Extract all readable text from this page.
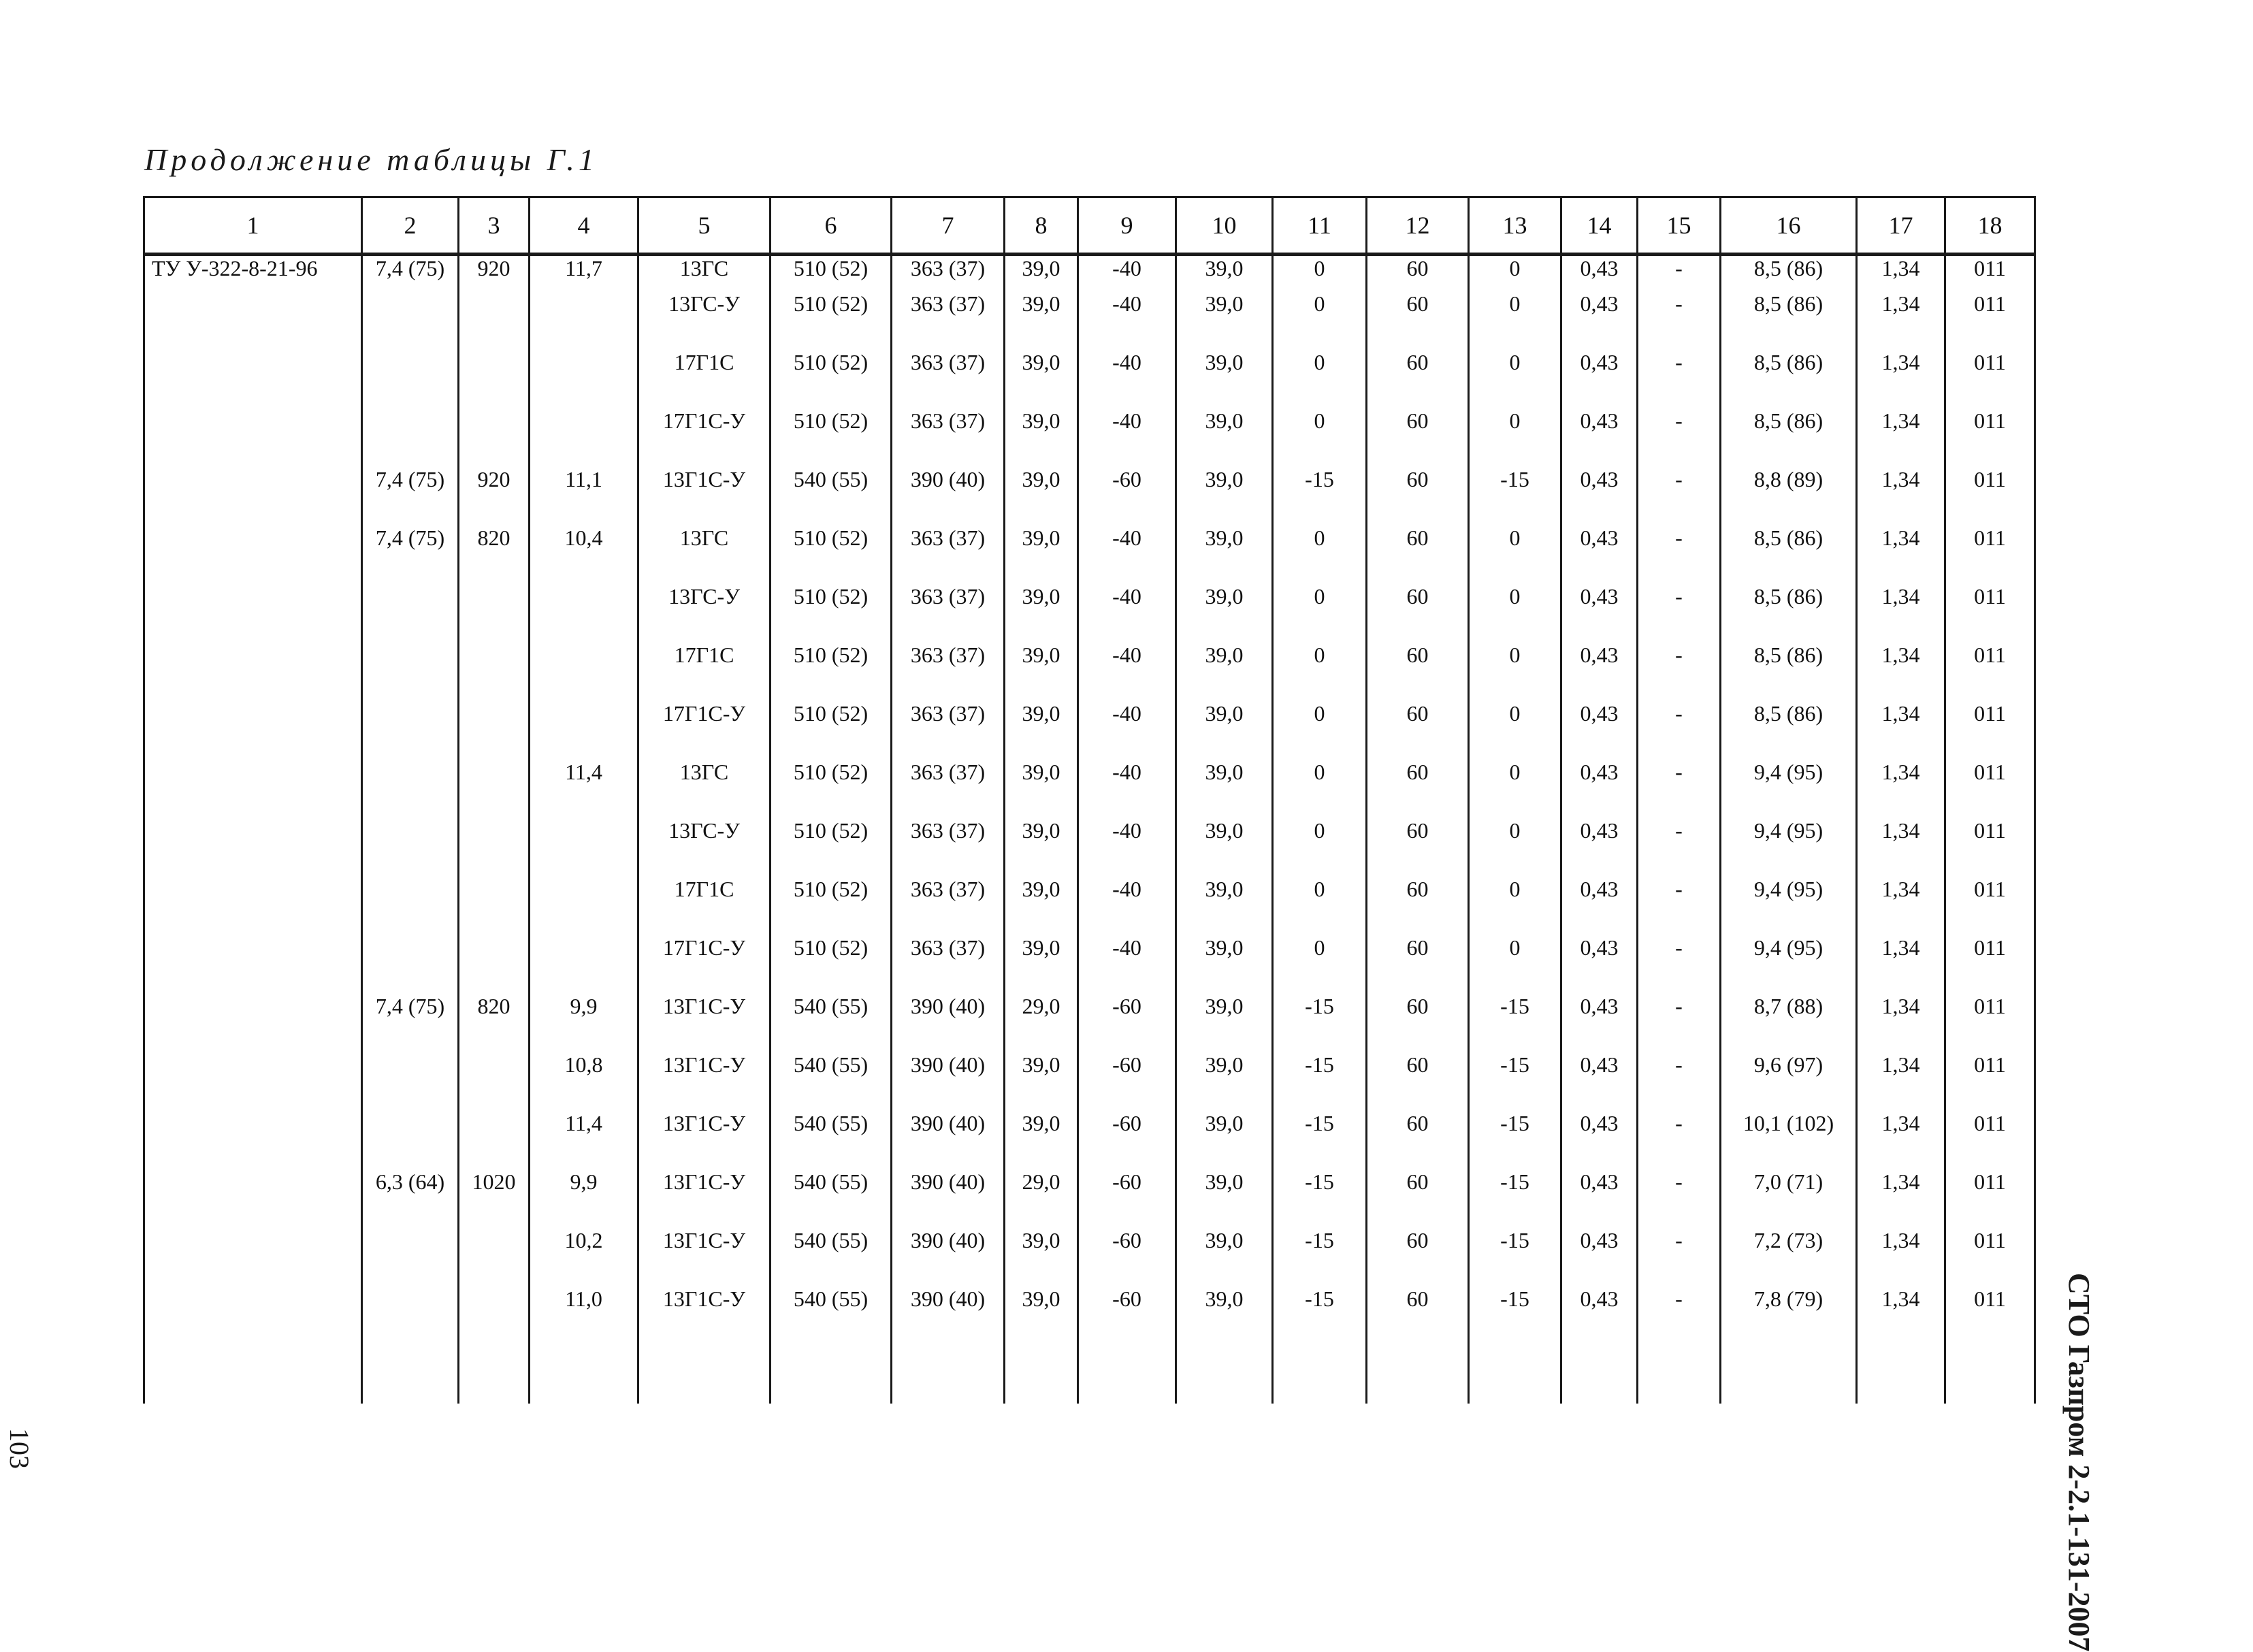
Продолжение таблицы Г.1
1	2	3	4	5	6	7	8	9	10	11	12	13	14	15	16	17	18
ТУ У-322-8-21-96	7,4 (75)	920	11,7	13ГС	510 (52)	363 (37)	39,0	-40	39,0	0	60	0	0,43	-	8,5 (86)	1,34	011
				13ГС-У	510 (52)	363 (37)	39,0	-40	39,0	0	60	0	0,43	-	8,5 (86)	1,34	011
				17Г1С	510 (52)	363 (37)	39,0	-40	39,0	0	60	0	0,43	-	8,5 (86)	1,34	011
				17Г1С-У	510 (52)	363 (37)	39,0	-40	39,0	0	60	0	0,43	-	8,5 (86)	1,34	011
	7,4 (75)	920	11,1	13Г1С-У	540 (55)	390 (40)	39,0	-60	39,0	-15	60	-15	0,43	-	8,8 (89)	1,34	011
	7,4 (75)	820	10,4	13ГС	510 (52)	363 (37)	39,0	-40	39,0	0	60	0	0,43	-	8,5 (86)	1,34	011
				13ГС-У	510 (52)	363 (37)	39,0	-40	39,0	0	60	0	0,43	-	8,5 (86)	1,34	011
				17Г1С	510 (52)	363 (37)	39,0	-40	39,0	0	60	0	0,43	-	8,5 (86)	1,34	011
				17Г1С-У	510 (52)	363 (37)	39,0	-40	39,0	0	60	0	0,43	-	8,5 (86)	1,34	011
			11,4	13ГС	510 (52)	363 (37)	39,0	-40	39,0	0	60	0	0,43	-	9,4 (95)	1,34	011
				13ГС-У	510 (52)	363 (37)	39,0	-40	39,0	0	60	0	0,43	-	9,4 (95)	1,34	011
				17Г1С	510 (52)	363 (37)	39,0	-40	39,0	0	60	0	0,43	-	9,4 (95)	1,34	011
				17Г1С-У	510 (52)	363 (37)	39,0	-40	39,0	0	60	0	0,43	-	9,4 (95)	1,34	011
	7,4 (75)	820	9,9	13Г1С-У	540 (55)	390 (40)	29,0	-60	39,0	-15	60	-15	0,43	-	8,7 (88)	1,34	011
			10,8	13Г1С-У	540 (55)	390 (40)	39,0	-60	39,0	-15	60	-15	0,43	-	9,6 (97)	1,34	011
			11,4	13Г1С-У	540 (55)	390 (40)	39,0	-60	39,0	-15	60	-15	0,43	-	10,1 (102)	1,34	011
	6,3 (64)	1020	9,9	13Г1С-У	540 (55)	390 (40)	29,0	-60	39,0	-15	60	-15	0,43	-	7,0 (71)	1,34	011
			10,2	13Г1С-У	540 (55)	390 (40)	39,0	-60	39,0	-15	60	-15	0,43	-	7,2 (73)	1,34	011
			11,0	13Г1С-У	540 (55)	390 (40)	39,0	-60	39,0	-15	60	-15	0,43	-	7,8 (79)	1,34	011 СТО Газпром 2-2.1-131-2007
103
